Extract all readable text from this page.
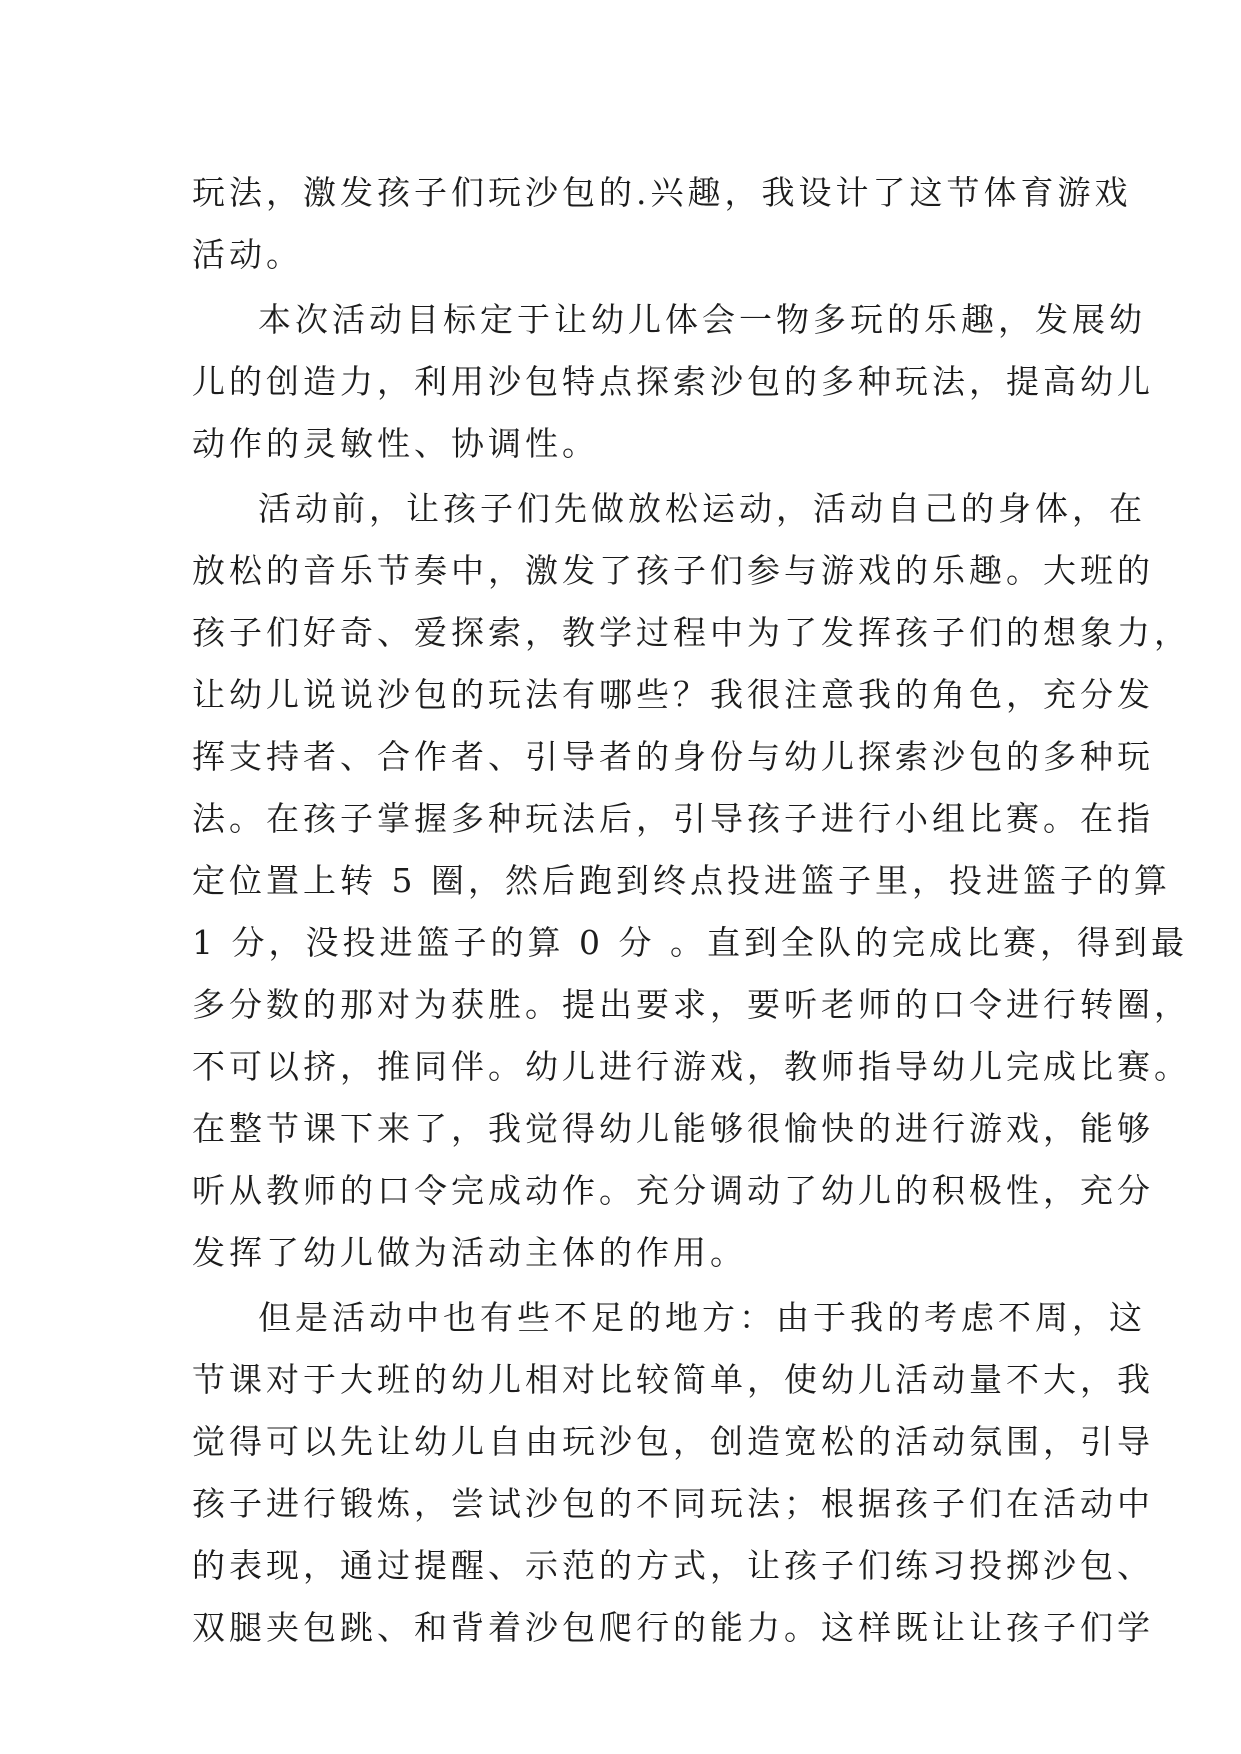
玩法，激发孩子们玩沙包的.兴趣，我设计了这节体育游戏
活动。
本次活动目标定于让幼儿体会一物多玩的乐趣，发展幼
儿的创造力，利用沙包特点探索沙包的多种玩法，提高幼儿
动作的灵敏性、协调性。
活动前，让孩子们先做放松运动，活动自己的身体，在
放松的音乐节奏中，激发了孩子们参与游戏的乐趣。大班的
孩子们好奇、爱探索，教学过程中为了发挥孩子们的想象力，
让幼儿说说沙包的玩法有哪些？我很注意我的角色，充分发
挥支持者、合作者、引导者的身份与幼儿探索沙包的多种玩
法。在孩子掌握多种玩法后，引导孩子进行小组比赛。在指
定位置上转 5 圈，然后跑到终点投进篮子里，投进篮子的算
1 分，没投进篮子的算 0 分 。直到全队的完成比赛，得到最
多分数的那对为获胜。提出要求，要听老师的口令进行转圈，
不可以挤，推同伴。幼儿进行游戏，教师指导幼儿完成比赛。
在整节课下来了，我觉得幼儿能够很愉快的进行游戏，能够
听从教师的口令完成动作。充分调动了幼儿的积极性，充分
发挥了幼儿做为活动主体的作用。
但是活动中也有些不足的地方：由于我的考虑不周，这
节课对于大班的幼儿相对比较简单，使幼儿活动量不大，我
觉得可以先让幼儿自由玩沙包，创造宽松的活动氛围，引导
孩子进行锻炼，尝试沙包的不同玩法；根据孩子们在活动中
的表现，通过提醒、示范的方式，让孩子们练习投掷沙包、
双腿夹包跳、和背着沙包爬行的能力。这样既让让孩子们学
